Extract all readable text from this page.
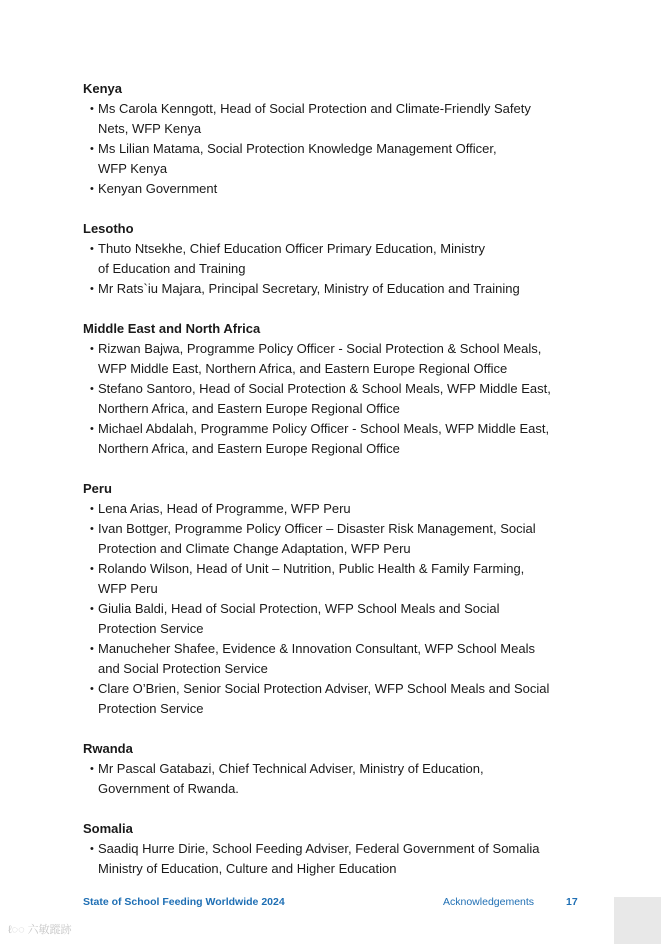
Kenya
• Ms Carola Kenngott, Head of Social Protection and Climate-Friendly Safety
Nets, WFP Kenya
• Ms Lilian Matama, Social Protection Knowledge Management Officer,
WFP Kenya
• Kenyan Government
Lesotho
• Thuto Ntsekhe, Chief Education Officer Primary Education, Ministry
of Education and Training
• Mr Rats`iu Majara, Principal Secretary, Ministry of Education and Training
Middle East and North Africa
• Rizwan Bajwa, Programme Policy Officer - Social Protection & School Meals,
WFP Middle East, Northern Africa, and Eastern Europe Regional Office
• Stefano Santoro, Head of Social Protection & School Meals, WFP Middle East,
Northern Africa, and Eastern Europe Regional Office
• Michael Abdalah, Programme Policy Officer - School Meals, WFP Middle East,
Northern Africa, and Eastern Europe Regional Office
Peru
• Lena Arias, Head of Programme, WFP Peru
• Ivan Bottger, Programme Policy Officer – Disaster Risk Management, Social
Protection and Climate Change Adaptation, WFP Peru
• Rolando Wilson, Head of Unit – Nutrition, Public Health & Family Farming,
WFP Peru
• Giulia Baldi, Head of Social Protection, WFP School Meals and Social
Protection Service
• Manucheher Shafee, Evidence & Innovation Consultant, WFP School Meals
and Social Protection Service
• Clare O’Brien, Senior Social Protection Adviser, WFP School Meals and Social
Protection Service
Rwanda
• Mr Pascal Gatabazi, Chief Technical Adviser, Ministry of Education,
Government of Rwanda.
Somalia
• Saadiq Hurre Dirie, School Feeding Adviser, Federal Government of Somalia
Ministry of Education, Culture and Higher Education
State of School Feeding Worldwide 2024	Acknowledgements	17
ℓ◌◌ 六敏蹤跡
